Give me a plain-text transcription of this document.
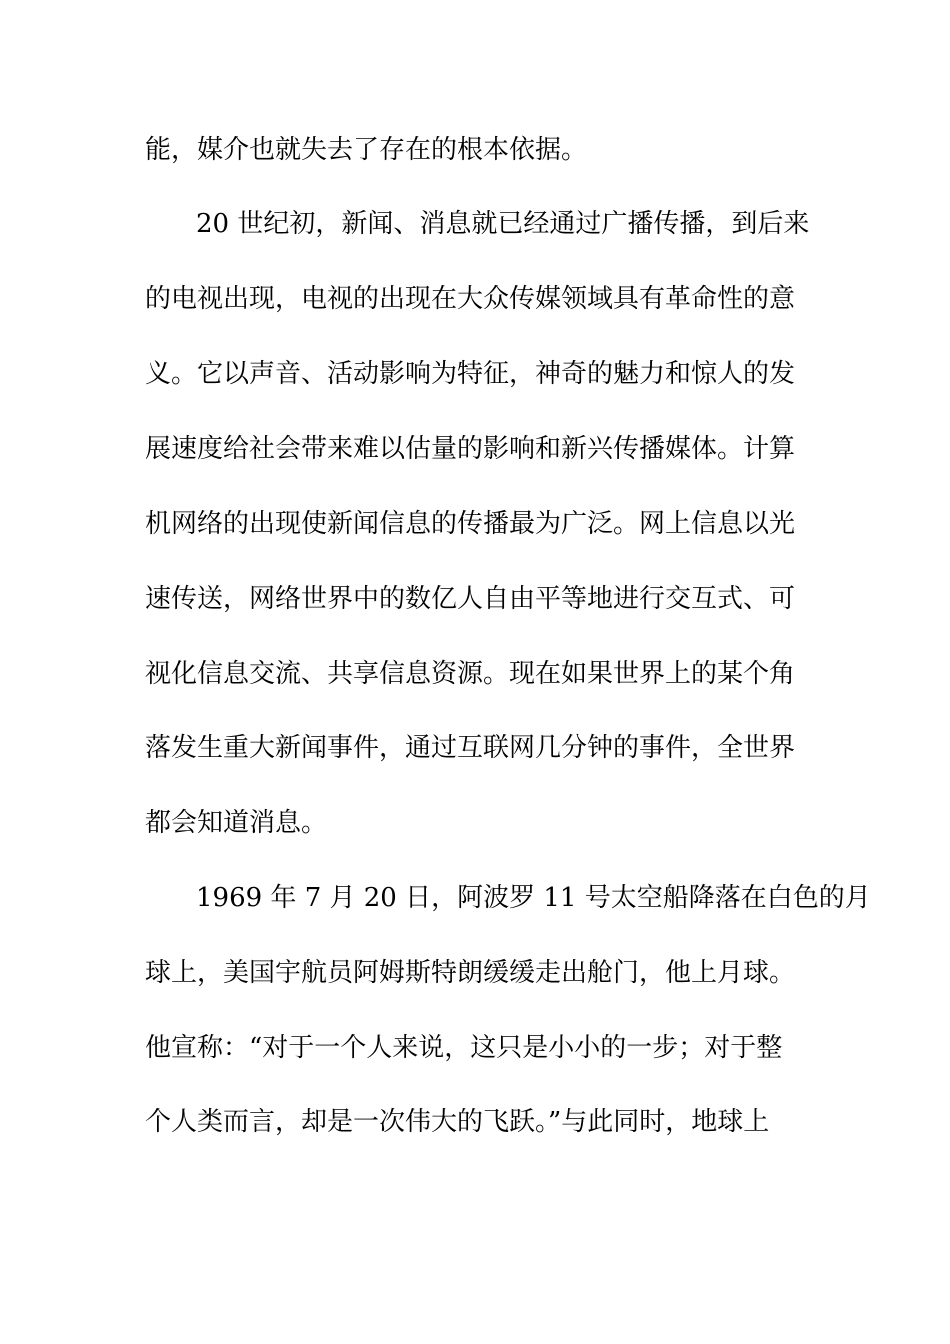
能，媒介也就失去了存在的根本依据。
20 世纪初，新闻、消息就已经通过广播传播，到后来
的电视出现，电视的出现在大众传媒领域具有革命性的意
义。它以声音、活动影响为特征，神奇的魅力和惊人的发
展速度给社会带来难以估量的影响和新兴传播媒体。计算
机网络的出现使新闻信息的传播最为广泛。网上信息以光
速传送，网络世界中的数亿人自由平等地进行交互式、可
视化信息交流、共享信息资源。现在如果世界上的某个角
落发生重大新闻事件，通过互联网几分钟的事件，全世界
都会知道消息。
1969 年 7 月 20 日，阿波罗 11 号太空船降落在白色的月
球上，美国宇航员阿姆斯特朗缓缓走出舱门，他上月球。
他宣称：“对于一个人来说，这只是小小的一步；对于整
个人类而言，却是一次伟大的飞跃。”与此同时，地球上
